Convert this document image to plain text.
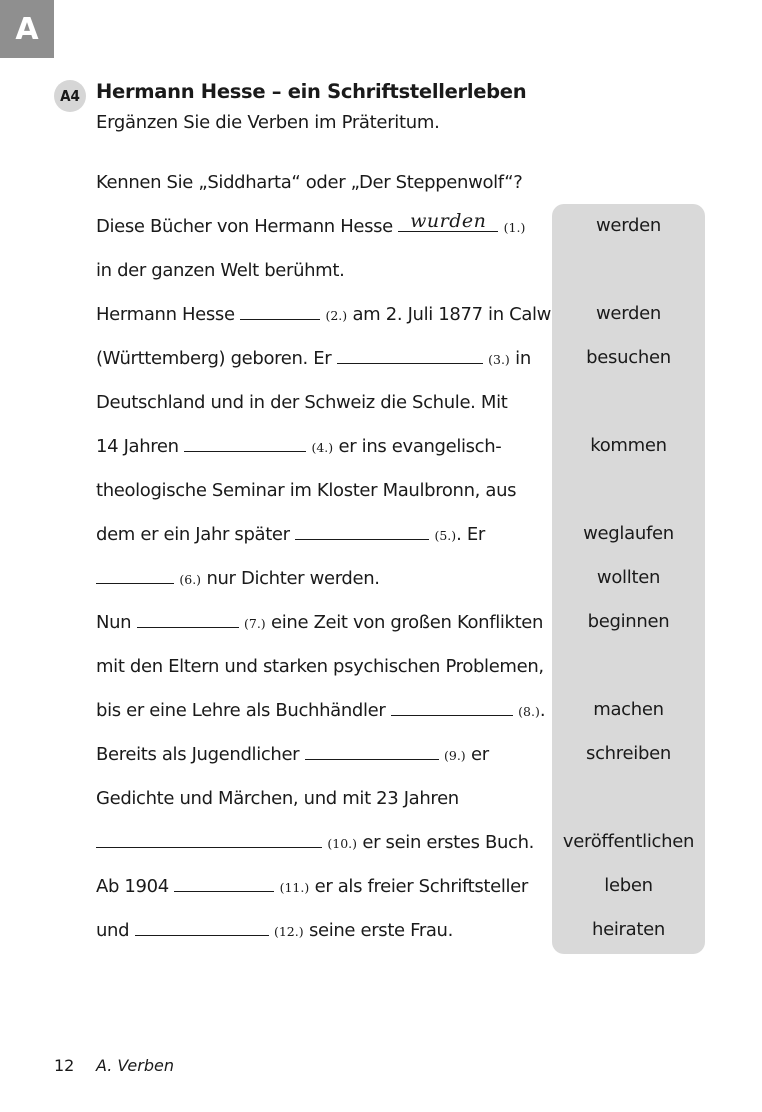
A
A4 Hermann Hesse – ein Schriftstellerleben
Ergänzen Sie die Verben im Präteritum.
Kennen Sie „Siddharta“ oder „Der Steppenwolf“?
Diese Bücher von Hermann Hesse wurden	(1.)
in der ganzen Welt berühmt.
Hermann Hesse	(2.) am 2. Juli 1877 in Calw
(Württemberg) geboren. Er	(3.) in
Deutschland und in der Schweiz die Schule. Mit
14 Jahren	(4.) er ins evangelisch-
theologische Seminar im Kloster Maulbronn, aus
dem er ein Jahr später	(5.). Er
(6.) nur Dichter werden.
Nun	(7.) eine Zeit von großen Konflikten
mit den Eltern und starken psychischen Problemen,
bis er eine Lehre als Buchhändler	(8.).
Bereits als Jugendlicher	(9.) er
Gedichte und Märchen, und mit 23 Jahren
(10.) er sein erstes Buch.
Ab 1904	(11.) er als freier Schriftsteller
und	(12.) seine erste Frau.
werden
werden
besuchen
kommen
weglaufen
wollten
beginnen
machen
schreiben
veröffentlichen
leben
heiraten
12 A. Verben
